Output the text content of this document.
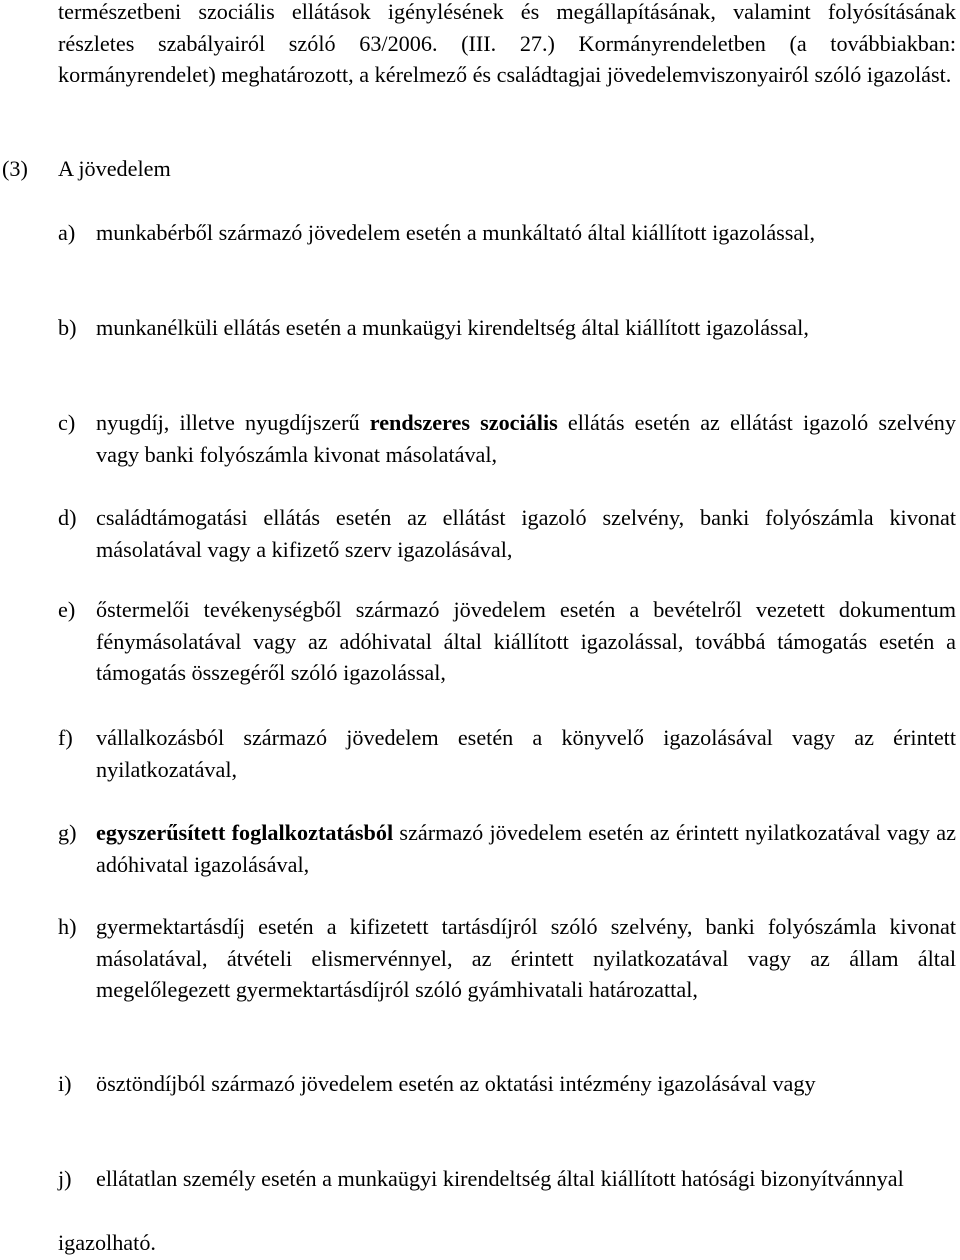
természetbeni szociális ellátások igénylésének és megállapításának, valamint folyósításának részletes szabályairól szóló 63/2006. (III. 27.) Kormányrendeletben (a továbbiakban: kormányrendelet) meghatározott, a kérelmező és családtagjai jövedelemviszonyairól szóló igazolást.
(3) A jövedelem
a) munkabérből származó jövedelem esetén a munkáltató által kiállított igazolással,
b) munkanélküli ellátás esetén a munkaügyi kirendeltség által kiállított igazolással,
c) nyugdíj, illetve nyugdíjszerű rendszeres szociális ellátás esetén az ellátást igazoló szelvény vagy banki folyószámla kivonat másolatával,
d) családtámogatási ellátás esetén az ellátást igazoló szelvény, banki folyószámla kivonat másolatával vagy a kifizető szerv igazolásával,
e) őstermelői tevékenységből származó jövedelem esetén a bevételről vezetett dokumentum fénymásolatával vagy az adóhivatal által kiállított igazolással, továbbá támogatás esetén a támogatás összegéről szóló igazolással,
f)	vállalkozásból származó jövedelem esetén a könyvelő igazolásával vagy az érintett nyilatkozatával,
g) egyszerűsített foglalkoztatásból származó jövedelem esetén az érintett nyilatkozatával vagy az adóhivatal igazolásával,
h) gyermektartásdíj esetén a kifizetett tartásdíjról szóló szelvény, banki folyószámla kivonat másolatával, átvételi elismervénnyel, az érintett nyilatkozatával vagy az állam által megelőlegezett gyermektartásdíjról szóló gyámhivatali határozattal,
i)	ösztöndíjból származó jövedelem esetén az oktatási intézmény igazolásával vagy
j)	ellátatlan személy esetén a munkaügyi kirendeltség által kiállított hatósági bizonyítvánnyal
igazolható.
